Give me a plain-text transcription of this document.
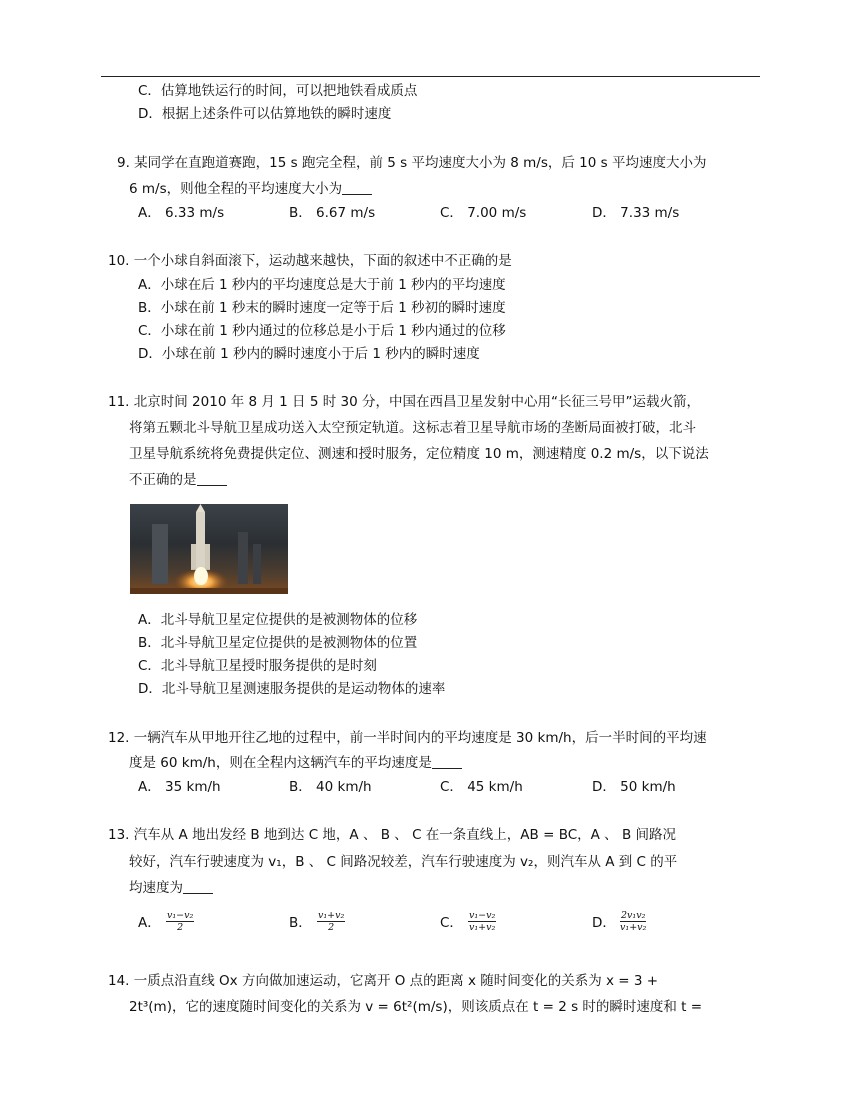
C．估算地铁运行的时间，可以把地铁看成质点
D．根据上述条件可以估算地铁的瞬时速度
9. 某同学在直跑道赛跑，15 s 跑完全程，前 5 s 平均速度大小为 8 m/s，后 10 s 平均速度大小为
6 m/s，则他全程的平均速度大小为
A． 6.33 m/s	B． 6.67 m/s	C． 7.00 m/s	D． 7.33 m/s
10. 一个小球自斜面滚下，运动越来越快，下面的叙述中不正确的是
A．小球在后 1 秒内的平均速度总是大于前 1 秒内的平均速度
B．小球在前 1 秒末的瞬时速度一定等于后 1 秒初的瞬时速度
C．小球在前 1 秒内通过的位移总是小于后 1 秒内通过的位移
D．小球在前 1 秒内的瞬时速度小于后 1 秒内的瞬时速度
11. 北京时间 2010 年 8 月 1 日 5 时 30 分，中国在西昌卫星发射中心用“长征三号甲”运载火箭，
将第五颗北斗导航卫星成功送入太空预定轨道。这标志着卫星导航市场的垄断局面被打破，北斗
卫星导航系统将免费提供定位、测速和授时服务，定位精度 10 m，测速精度 0.2 m/s，以下说法
不正确的是
A．北斗导航卫星定位提供的是被测物体的位移
B．北斗导航卫星定位提供的是被测物体的位置
C．北斗导航卫星授时服务提供的是时刻
D．北斗导航卫星测速服务提供的是运动物体的速率
12. 一辆汽车从甲地开往乙地的过程中，前一半时间内的平均速度是 30 km/h，后一半时间的平均速
度是 60 km/h，则在全程内这辆汽车的平均速度是
A． 35 km/h	B． 40 km/h	C． 45 km/h	D． 50 km/h
13. 汽车从 A 地出发经 B 地到达 C 地，A 、 B 、 C 在一条直线上，AB = BC，A 、 B 间路况
较好，汽车行驶速度为 v₁，B 、 C 间路况较差，汽车行驶速度为 v₂，则汽车从 A 到 C 的平
均速度为
A． $\frac{\text{v₁−v₂}}{2}$	B． $\frac{\text{v₁+v₂}}{2}$	C． $\frac{\text{v₁−v₂}}{\text{v₁+v₂}}$	D． $\frac{\text{2v₁v₂}}{\text{v₁+v₂}}$
14. 一质点沿直线 Ox 方向做加速运动，它离开 O 点的距离 x 随时间变化的关系为 x = 3 +
2t³(m)，它的速度随时间变化的关系为 v = 6t²(m/s)，则该质点在 t = 2 s 时的瞬时速度和 t =
